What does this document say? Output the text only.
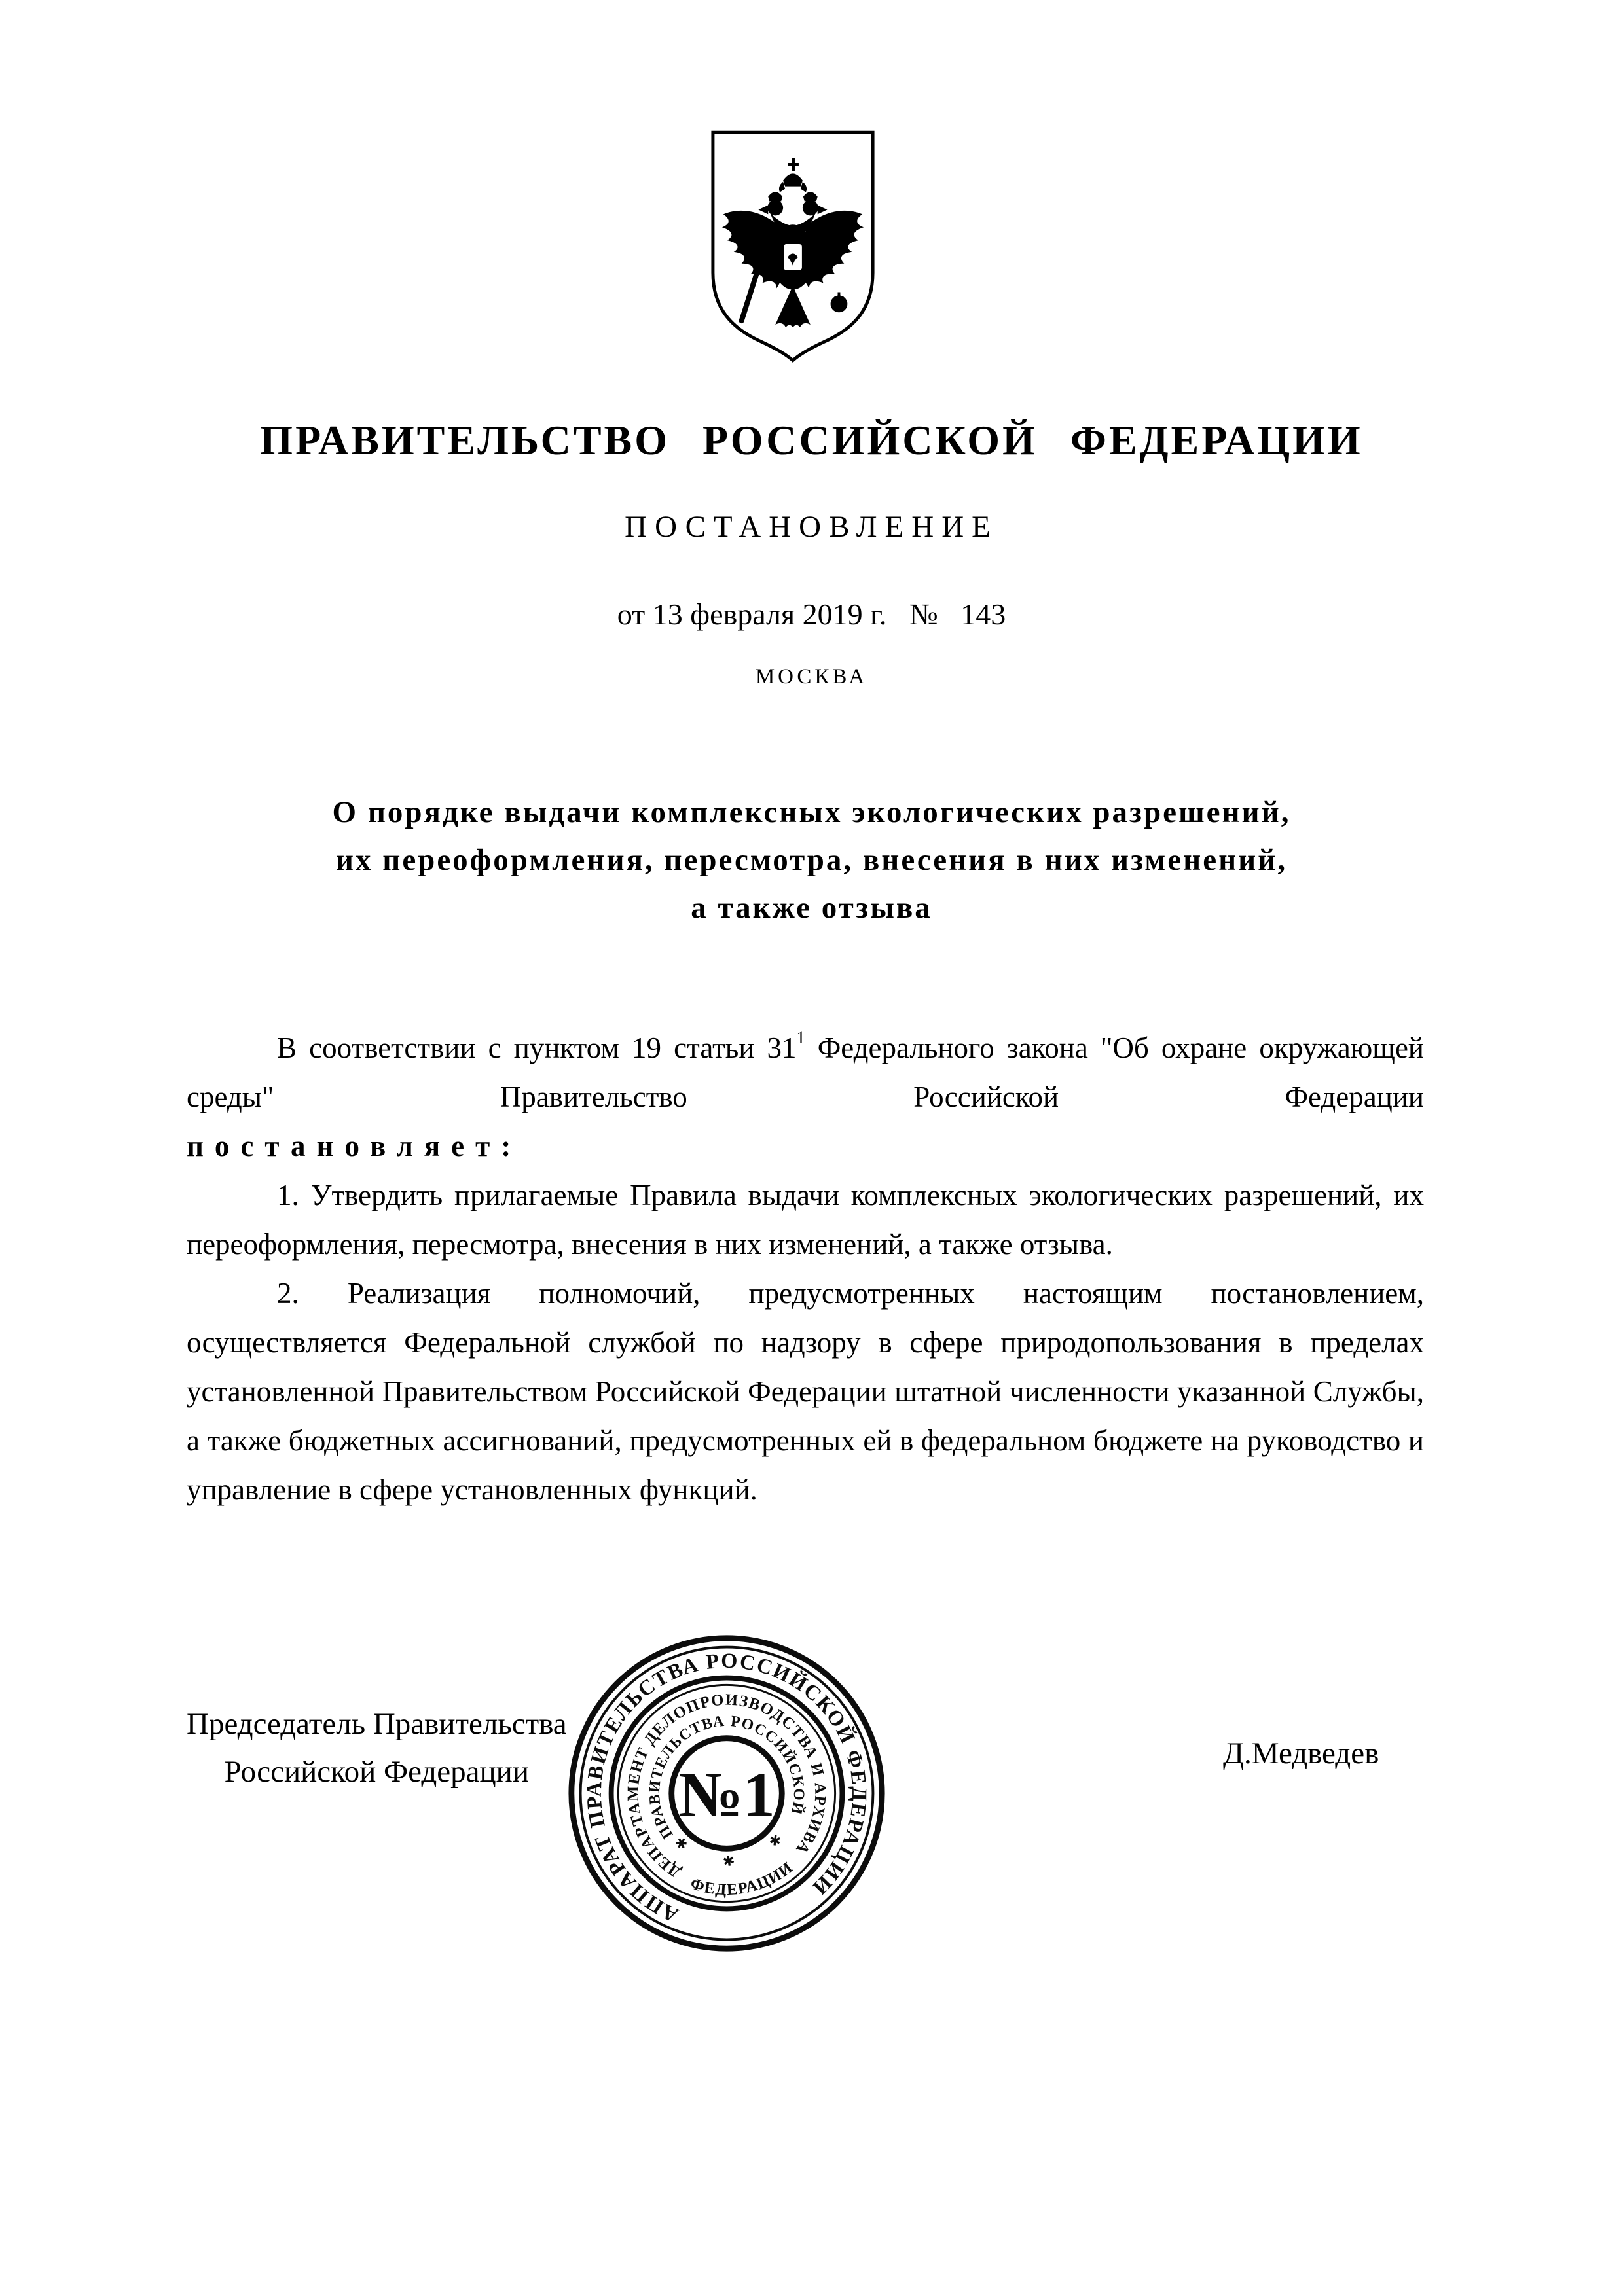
ПРАВИТЕЛЬСТВО РОССИЙСКОЙ ФЕДЕРАЦИИ
ПОСТАНОВЛЕНИЕ
от 13 февраля 2019 г.   №   143
МОСКВА
О порядке выдачи комплексных экологических разрешений,
их переоформления, пересмотра, внесения в них изменений,
а также отзыва
В соответствии с пунктом 19 статьи $31^1$ Федерального закона "Об охране окружающей среды" Правительство Российской Федерации
постановляет:
1. Утвердить прилагаемые Правила выдачи комплексных экологических разрешений, их переоформления, пересмотра, внесения в них изменений, а также отзыва.
2. Реализация полномочий, предусмотренных настоящим постановлением, осуществляется Федеральной службой по надзору в сфере природопользования в пределах установленной Правительством Российской Федерации штатной численности указанной Службы, а также бюджетных ассигнований, предусмотренных ей в федеральном бюджете на руководство и управление в сфере установленных функций.
Председатель Правительства
Российской Федерации
Д.Медведев
АППАРАТ ПРАВИТЕЛЬСТВА РОССИЙСКОЙ ФЕДЕРАЦИИ
ДЕПАРТАМЕНТ ДЕЛОПРОИЗВОДСТВА И АРХИВА
ФЕДЕРАЦИИ
ПРАВИТЕЛЬСТВА РОССИЙСКОЙ
✱ ✱ ✱
№1
